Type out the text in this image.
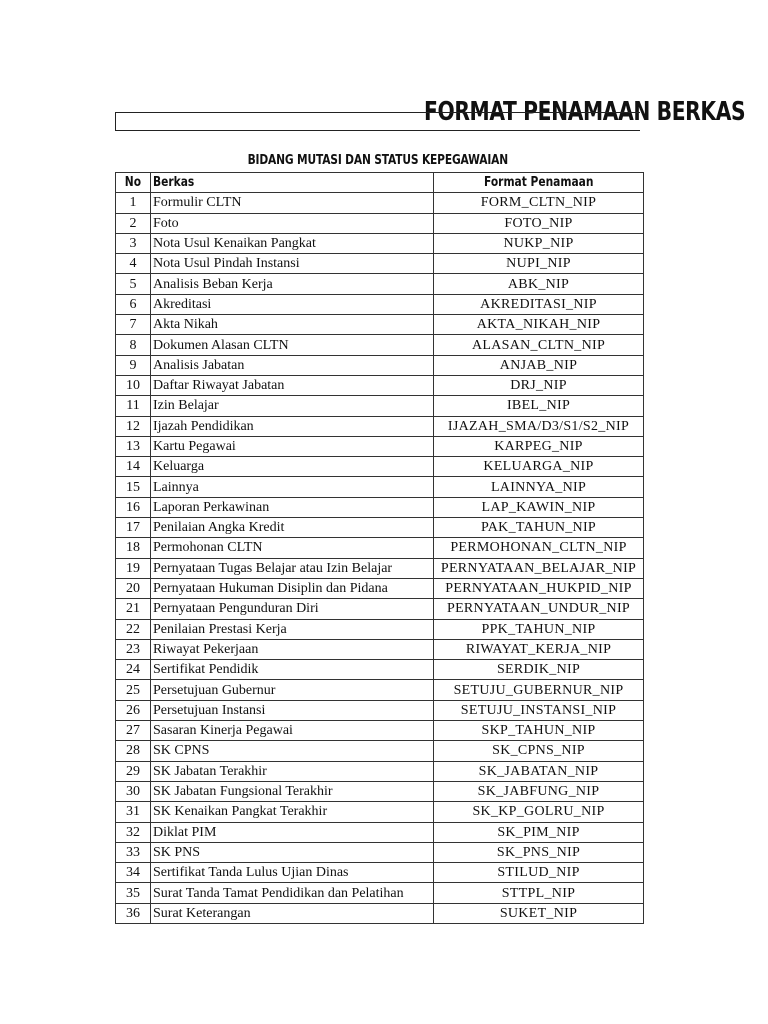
FORMAT PENAMAAN BERKAS
BIDANG MUTASI DAN STATUS KEPEGAWAIAN
No	Berkas	Format Penamaan
1	Formulir CLTN	FORM_CLTN_NIP
2	Foto	FOTO_NIP
3	Nota Usul Kenaikan Pangkat	NUKP_NIP
4	Nota Usul Pindah Instansi	NUPI_NIP
5	Analisis Beban Kerja	ABK_NIP
6	Akreditasi	AKREDITASI_NIP
7	Akta Nikah	AKTA_NIKAH_NIP
8	Dokumen Alasan CLTN	ALASAN_CLTN_NIP
9	Analisis Jabatan	ANJAB_NIP
10	Daftar Riwayat Jabatan	DRJ_NIP
11	Izin Belajar	IBEL_NIP
12	Ijazah Pendidikan	IJAZAH_SMA/D3/S1/S2_NIP
13	Kartu Pegawai	KARPEG_NIP
14	Keluarga	KELUARGA_NIP
15	Lainnya	LAINNYA_NIP
16	Laporan Perkawinan	LAP_KAWIN_NIP
17	Penilaian Angka Kredit	PAK_TAHUN_NIP
18	Permohonan CLTN	PERMOHONAN_CLTN_NIP
19	Pernyataan Tugas Belajar atau Izin Belajar	PERNYATAAN_BELAJAR_NIP
20	Pernyataan Hukuman Disiplin dan Pidana	PERNYATAAN_HUKPID_NIP
21	Pernyataan Pengunduran Diri	PERNYATAAN_UNDUR_NIP
22	Penilaian Prestasi Kerja	PPK_TAHUN_NIP
23	Riwayat Pekerjaan	RIWAYAT_KERJA_NIP
24	Sertifikat Pendidik	SERDIK_NIP
25	Persetujuan Gubernur	SETUJU_GUBERNUR_NIP
26	Persetujuan Instansi	SETUJU_INSTANSI_NIP
27	Sasaran Kinerja Pegawai	SKP_TAHUN_NIP
28	SK CPNS	SK_CPNS_NIP
29	SK Jabatan Terakhir	SK_JABATAN_NIP
30	SK Jabatan Fungsional Terakhir	SK_JABFUNG_NIP
31	SK Kenaikan Pangkat Terakhir	SK_KP_GOLRU_NIP
32	Diklat PIM	SK_PIM_NIP
33	SK PNS	SK_PNS_NIP
34	Sertifikat Tanda Lulus Ujian Dinas	STILUD_NIP
35	Surat Tanda Tamat Pendidikan dan Pelatihan	STTPL_NIP
36	Surat Keterangan	SUKET_NIP
